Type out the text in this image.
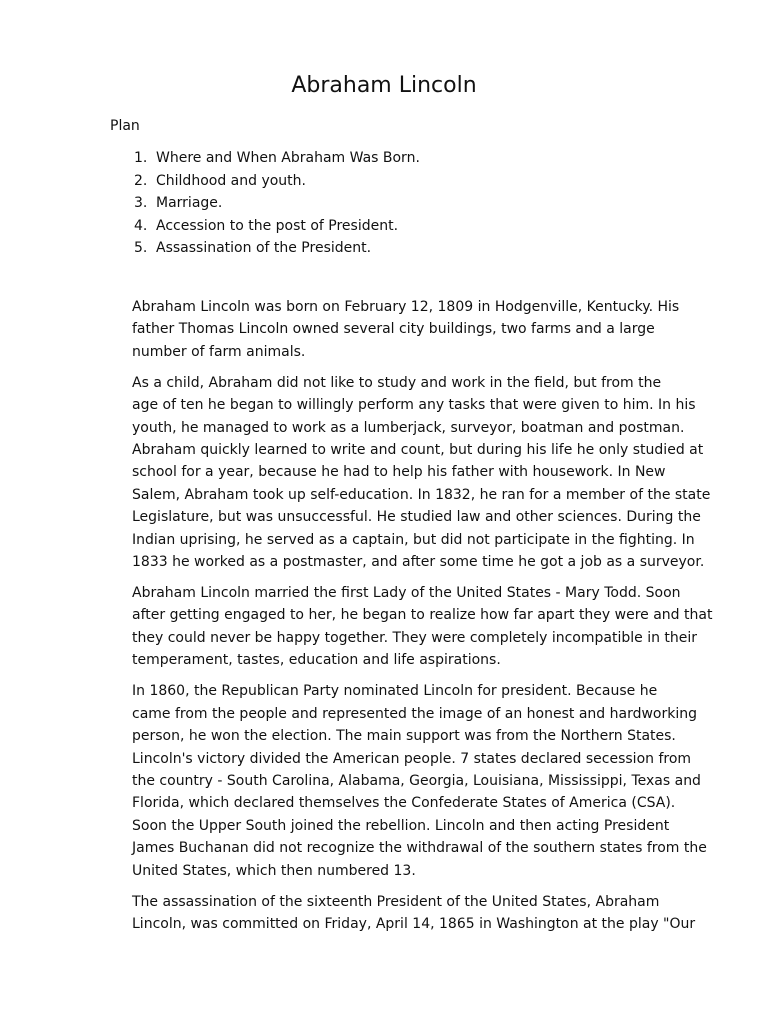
Abraham Lincoln

Plan

1. Where and When Abraham Was Born.
2. Childhood and youth.
3. Marriage.
4. Accession to the post of President.
5. Assassination of the President.

Abraham Lincoln was born on February 12, 1809 in Hodgenville, Kentucky. His
father Thomas Lincoln owned several city buildings, two farms and a large
number of farm animals.

As a child, Abraham did not like to study and work in the field, but from the
age of ten he began to willingly perform any tasks that were given to him. In his
youth, he managed to work as a lumberjack, surveyor, boatman and postman.
Abraham quickly learned to write and count, but during his life he only studied at
school for a year, because he had to help his father with housework. In New
Salem, Abraham took up self-education. In 1832, he ran for a member of the state
Legislature, but was unsuccessful. He studied law and other sciences. During the
Indian uprising, he served as a captain, but did not participate in the fighting. In
1833 he worked as a postmaster, and after some time he got a job as a surveyor.

Abraham Lincoln married the first Lady of the United States - Mary Todd. Soon
after getting engaged to her, he began to realize how far apart they were and that
they could never be happy together. They were completely incompatible in their
temperament, tastes, education and life aspirations.

In 1860, the Republican Party nominated Lincoln for president. Because he
came from the people and represented the image of an honest and hardworking
person, he won the election. The main support was from the Northern States.
Lincoln's victory divided the American people. 7 states declared secession from
the country - South Carolina, Alabama, Georgia, Louisiana, Mississippi, Texas and
Florida, which declared themselves the Confederate States of America (CSA).
Soon the Upper South joined the rebellion. Lincoln and then acting President
James Buchanan did not recognize the withdrawal of the southern states from the
United States, which then numbered 13.

The assassination of the sixteenth President of the United States, Abraham
Lincoln, was committed on Friday, April 14, 1865 in Washington at the play "Our
